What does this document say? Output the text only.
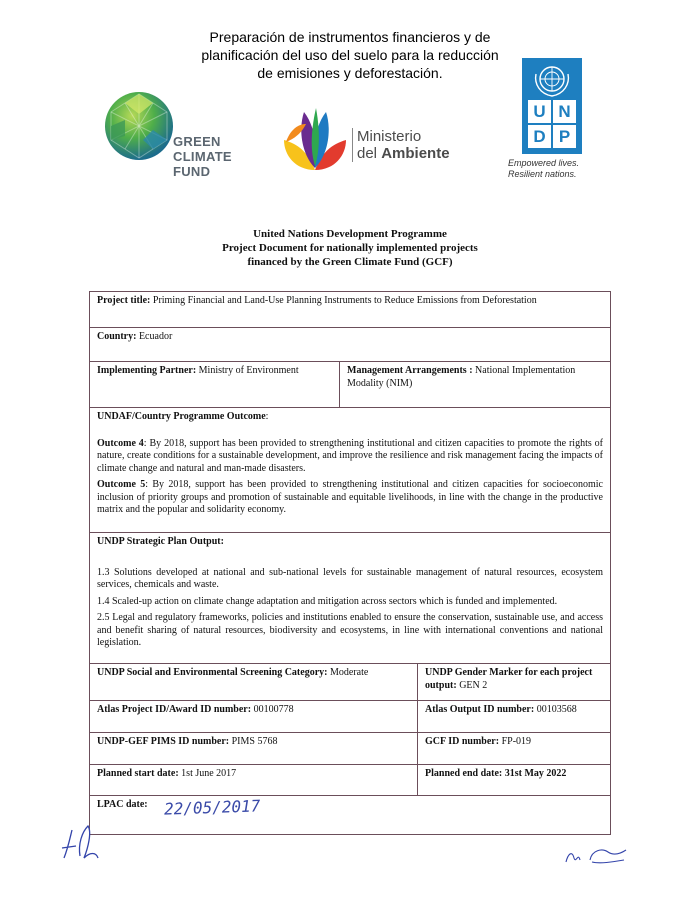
Preparación de instrumentos financieros y de
planificación del uso del suelo para la reducción
de emisiones y deforestación.
GREEN
CLIMATE
FUND
Ministerio
del Ambiente
U N
D P
Empowered lives.
Resilient nations.
United Nations Development Programme
Project Document for nationally implemented projects
financed by the Green Climate Fund (GCF)
Project title: Priming Financial and Land-Use Planning Instruments to Reduce Emissions from Deforestation
Country: Ecuador
Implementing Partner: Ministry of Environment	Management Arrangements : National Implementation Modality (NIM)

UNDAF/Country Programme Outcome:

Outcome 4: By 2018, support has been provided to strengthening institutional and citizen capacities to promote the rights of nature, create conditions for a sustainable development, and improve the resilience and risk management facing the impacts of climate change and natural and man-made disasters.

Outcome 5: By 2018, support has been provided to strengthening institutional and citizen capacities for socioeconomic inclusion of priority groups and promotion of sustainable and equitable livelihoods, in line with the change in the productive matrix and the popular and solidarity economy.

UNDP Strategic Plan Output:

1.3 Solutions developed at national and sub-national levels for sustainable management of natural resources, ecosystem services, chemicals and waste.

1.4 Scaled-up action on climate change adaptation and mitigation across sectors which is funded and implemented.

2.5 Legal and regulatory frameworks, policies and institutions enabled to ensure the conservation, sustainable use, and access and benefit sharing of natural resources, biodiversity and ecosystems, in line with international conventions and national legislation.

UNDP Social and Environmental Screening Category: Moderate	UNDP Gender Marker for each project output: GEN 2
Atlas Project ID/Award ID number: 00100778	Atlas Output ID number: 00103568
UNDP-GEF PIMS ID number: PIMS 5768	GCF ID number: FP-019
Planned start date: 1st June 2017	Planned end date: 31st May 2022
LPAC date: 22/05/2017
